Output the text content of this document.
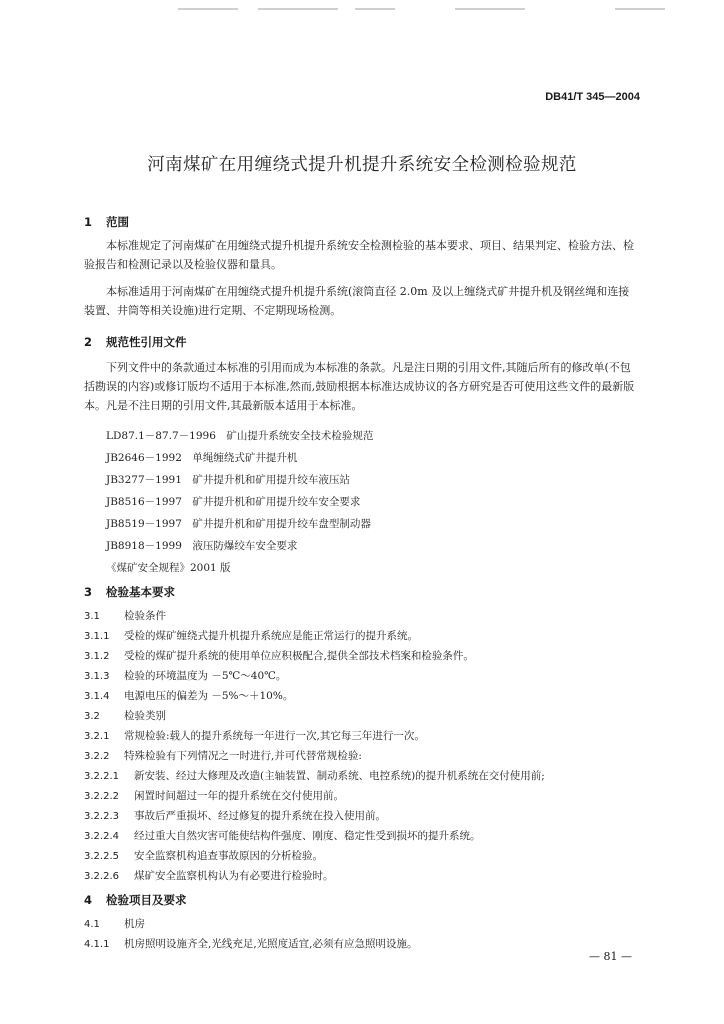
DB41/T 345—2004
河南煤矿在用缠绕式提升机提升系统安全检测检验规范
1 范围
本标准规定了河南煤矿在用缠绕式提升机提升系统安全检测检验的基本要求、项目、结果判定、检验方法、检验报告和检测记录以及检验仪器和量具。
本标准适用于河南煤矿在用缠绕式提升机提升系统(滚筒直径 2.0m 及以上缠绕式矿井提升机及钢丝绳和连接装置、井筒等相关设施)进行定期、不定期现场检测。
2 规范性引用文件
下列文件中的条款通过本标准的引用而成为本标准的条款。凡是注日期的引用文件,其随后所有的修改单(不包括勘误的内容)或修订版均不适用于本标准,然而,鼓励根据本标准达成协议的各方研究是否可使用这些文件的最新版本。凡是不注日期的引用文件,其最新版本适用于本标准。
LD87.1－87.7－1996　矿山提升系统安全技术检验规范
JB2646－1992　单绳缠绕式矿井提升机
JB3277－1991　矿井提升机和矿用提升绞车液压站
JB8516－1997　矿井提升机和矿用提升绞车安全要求
JB8519－1997　矿井提升机和矿用提升绞车盘型制动器
JB8918－1999　液压防爆绞车安全要求
《煤矿安全规程》2001 版
3 检验基本要求
3.1 检验条件
3.1.1 受检的煤矿缠绕式提升机提升系统应是能正常运行的提升系统。
3.1.2 受检的煤矿提升系统的使用单位应积极配合,提供全部技术档案和检验条件。
3.1.3 检验的环境温度为 －5℃～40℃。
3.1.4 电源电压的偏差为 －5%～＋10%。
3.2 检验类别
3.2.1 常规检验:载人的提升系统每一年进行一次,其它每三年进行一次。
3.2.2 特殊检验有下列情况之一时进行,并可代替常规检验:
3.2.2.1 新安装、经过大修理及改造(主轴装置、制动系统、电控系统)的提升机系统在交付使用前;
3.2.2.2 闲置时间超过一年的提升系统在交付使用前。
3.2.2.3 事故后严重损坏、经过修复的提升系统在投入使用前。
3.2.2.4 经过重大自然灾害可能使结构件强度、刚度、稳定性受到损坏的提升系统。
3.2.2.5 安全监察机构追查事故原因的分析检验。
3.2.2.6 煤矿安全监察机构认为有必要进行检验时。
4 检验项目及要求
4.1 机房
4.1.1 机房照明设施齐全,光线充足,光照度适宜,必须有应急照明设施。
— 81 —
